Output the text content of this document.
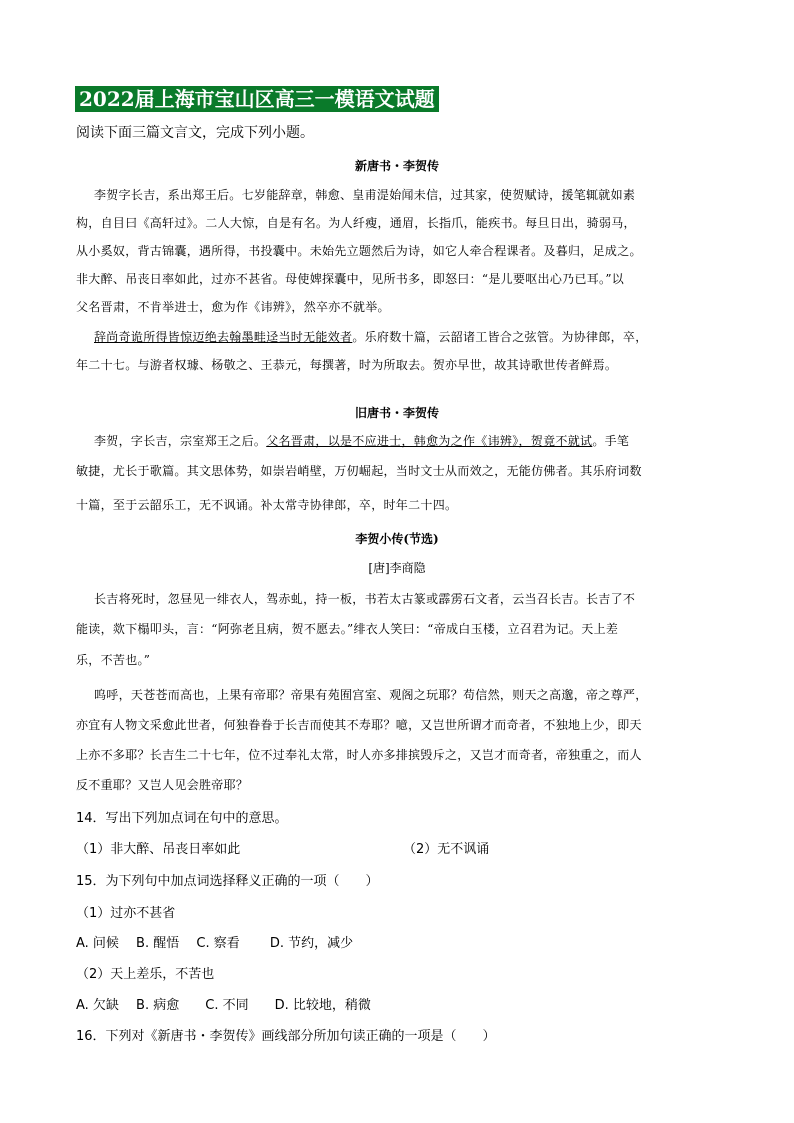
2022届上海市宝山区高三一模语文试题
阅读下面三篇文言文，完成下列小题。
新唐书・李贺传
李贺字长吉，系出郑王后。七岁能辞章，韩愈、皇甫湜始闻未信，过其家，使贺赋诗，援笔辄就如素
构，自目曰《高轩过》。二人大惊，自是有名。为人纤瘦，通眉，长指爪，能疾书。每旦日出，骑弱马，
从小奚奴，背古锦囊，遇所得，书投囊中。未始先立题然后为诗，如它人牵合程课者。及暮归，足成之。
非大醉、吊丧日率如此，过亦不甚省。母使婢探囊中，见所书多，即怒曰：“是儿要呕出心乃已耳。”以
父名晋肃，不肯举进士，愈为作《讳辨》，然卒亦不就举。
辞尚奇诡所得皆惊迈绝去翰墨畦迳当时无能效者。乐府数十篇，云韶诸工皆合之弦管。为协律郎，卒，
年二十七。与游者权璩、杨敬之、王恭元，每撰著，时为所取去。贺亦早世，故其诗歌世传者鲜焉。
旧唐书・李贺传
李贺，字长吉，宗室郑王之后。父名晋肃，以是不应进士，韩愈为之作《讳辨》，贺竟不就试。手笔
敏捷，尤长于歌篇。其文思体势，如崇岩峭壁，万仞崛起，当时文士从而效之，无能仿佛者。其乐府词数
十篇，至于云韶乐工，无不讽诵。补太常寺协律郎，卒，时年二十四。
李贺小传(节选)
[唐]李商隐
长吉将死时，忽昼见一绯衣人，驾赤虬，持一板，书若太古篆或霹雳石文者，云当召长吉。长吉了不
能读，欻下榻叩头，言：“阿弥老且病，贺不愿去。”绯衣人笑曰：“帝成白玉楼，立召君为记。天上差
乐，不苦也。”
呜呼，天苍苍而高也，上果有帝耶？帝果有苑囿宫室、观阁之玩耶？苟信然，则天之高邈，帝之尊严，
亦宜有人物文采愈此世者，何独眷眷于长吉而使其不寿耶？噫，又岂世所谓才而奇者，不独地上少，即天
上亦不多耶？长吉生二十七年，位不过奉礼太常，时人亦多排摈毁斥之，又岂才而奇者，帝独重之，而人
反不重耶？又岂人见会胜帝耶？
14．写出下列加点词在句中的意思。
（1）非大醉、吊丧日率如此	（2）无不讽诵
15．为下列句中加点词选择释义正确的一项（　　）
（1）过亦不甚省
A. 问候　 B. 醒悟　 C. 察看　　 D. 节约，减少
（2）天上差乐，不苦也
A. 欠缺　 B. 病愈　　C. 不同　　D. 比较地，稍微
16．下列对《新唐书・李贺传》画线部分所加句读正确的一项是（　　）
